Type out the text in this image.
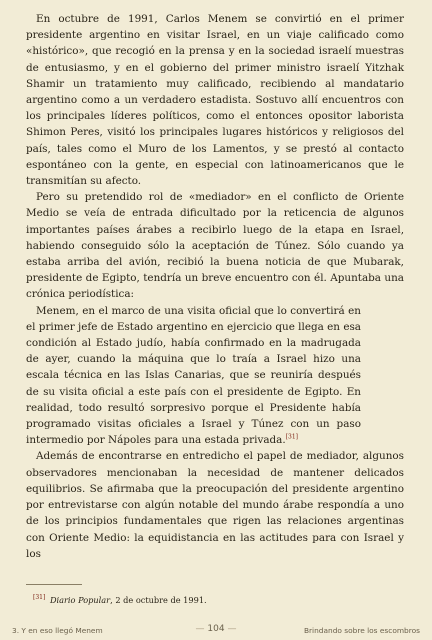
En octubre de 1991, Carlos Menem se convirtió en el primer presidente argentino en visitar Israel, en un viaje calificado como «histórico», que recogió en la prensa y en la sociedad israelí muestras de entusiasmo, y en el gobierno del primer ministro israelí Yitzhak Shamir un tratamiento muy calificado, recibiendo al mandatario argentino como a un verdadero estadista. Sostuvo allí encuentros con los principales líderes políticos, como el entonces opositor laborista Shimon Peres, visitó los principales lugares históricos y religiosos del país, tales como el Muro de los Lamentos, y se prestó al contacto espontáneo con la gente, en especial con latinoamericanos que le transmitían su afecto.

Pero su pretendido rol de «mediador» en el conflicto de Oriente Medio se veía de entrada dificultado por la reticencia de algunos importantes países árabes a recibirlo luego de la etapa en Israel, habiendo conseguido sólo la aceptación de Túnez. Sólo cuando ya estaba arriba del avión, recibió la buena noticia de que Mubarak, presidente de Egipto, tendría un breve encuentro con él. Apuntaba una crónica periodística:

Menem, en el marco de una visita oficial que lo convertirá en el primer jefe de Estado argentino en ejercicio que llega en esa condición al Estado judío, había confirmado en la madrugada de ayer, cuando la máquina que lo traía a Israel hizo una escala técnica en las Islas Canarias, que se reuniría después de su visita oficial a este país con el presidente de Egipto. En realidad, todo resultó sorpresivo porque el Presidente había programado visitas oficiales a Israel y Túnez con un paso intermedio por Nápoles para una estada privada.[31]

Además de encontrarse en entredicho el papel de mediador, algunos observadores mencionaban la necesidad de mantener delicados equilibrios. Se afirmaba que la preocupación del presidente argentino por entrevistarse con algún notable del mundo árabe respondía a uno de los principios fundamentales que rigen las relaciones argentinas con Oriente Medio: la equidistancia en las actitudes para con Israel y los

[31] Diario Popular, 2 de octubre de 1991.
3. Y en eso llegó Menem	— 104 —	Brindando sobre los escombros
